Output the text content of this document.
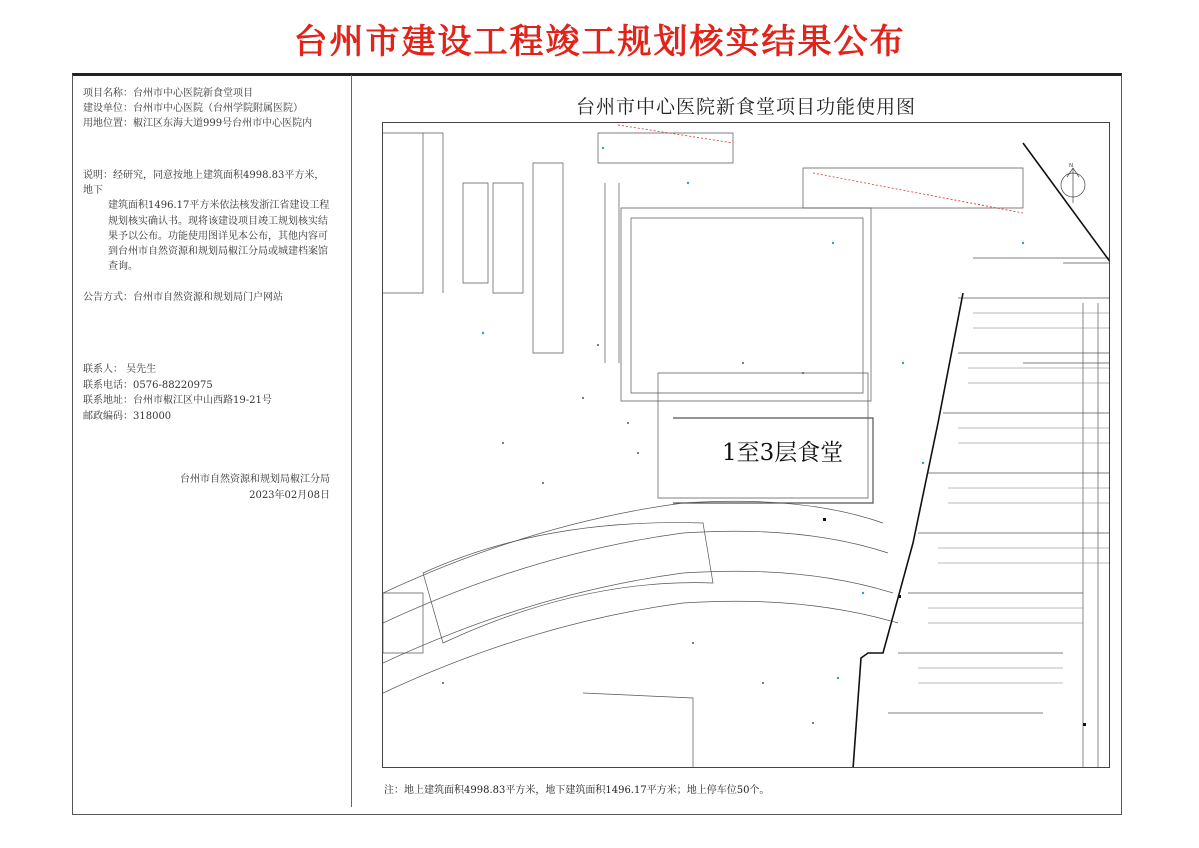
台州市建设工程竣工规划核实结果公布
项目名称：台州市中心医院新食堂项目
建设单位：台州市中心医院（台州学院附属医院）
用地位置：椒江区东海大道999号台州市中心医院内
说明：经研究，同意按地上建筑面积4998.83平方米，地下
建筑面积1496.17平方米依法核发浙江省建设工程
规划核实确认书。现将该建设项目竣工规划核实结
果予以公布。功能使用图详见本公布，其他内容可
到台州市自然资源和规划局椒江分局或城建档案馆
查询。
公告方式：台州市自然资源和规划局门户网站
联系人： 吴先生
联系电话：0576-88220975
联系地址：台州市椒江区中山西路19-21号
邮政编码：318000
台州市自然资源和规划局椒江分局
2023年02月08日
台州市中心医院新食堂项目功能使用图
N
1至3层食堂
注：地上建筑面积4998.83平方米，地下建筑面积1496.17平方米；地上停车位50个。
